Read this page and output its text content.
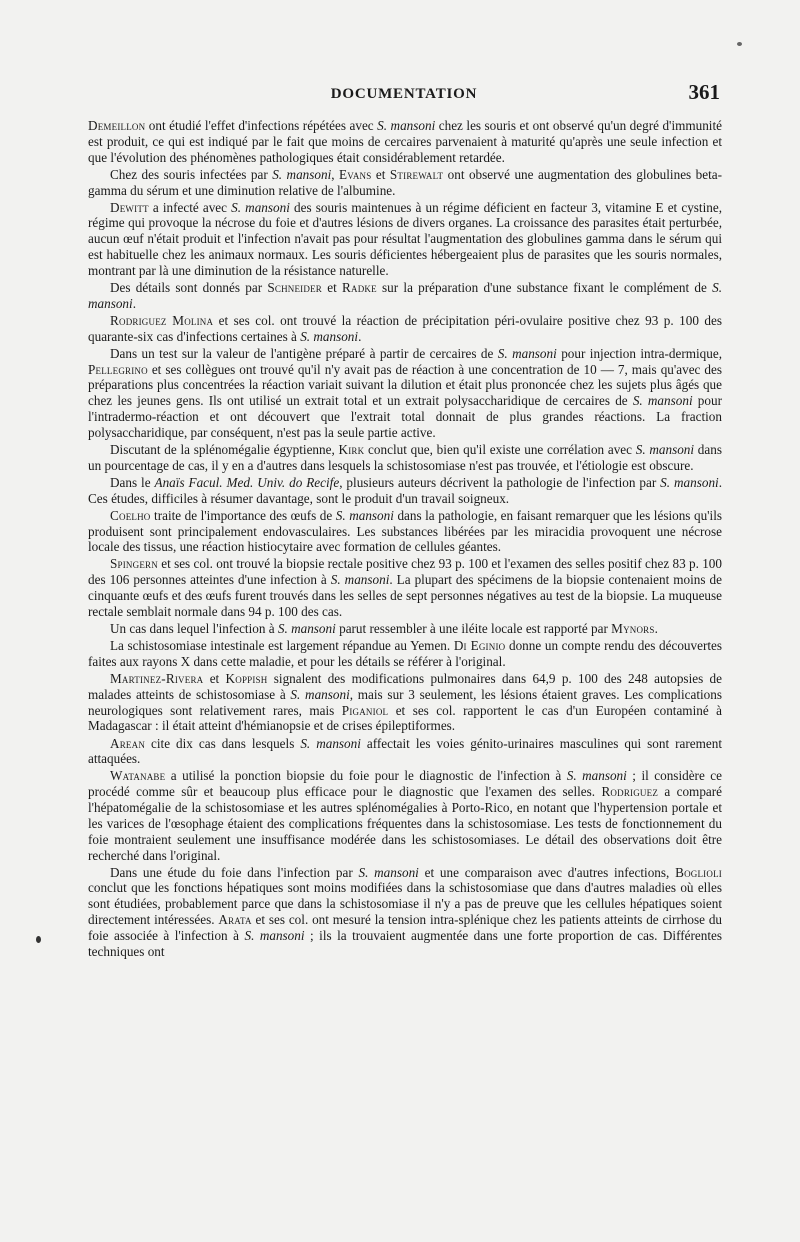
DOCUMENTATION	361

Demeillon ont étudié l'effet d'infections répétées avec S. mansoni chez les souris et ont observé qu'un degré d'immunité est produit, ce qui est indiqué par le fait que moins de cercaires parvenaient à maturité qu'après une seule infection et que l'évolution des phénomènes pathologiques était considérablement retardée.

Chez des souris infectées par S. mansoni, Evans et Stirewalt ont observé une augmentation des globulines beta-gamma du sérum et une diminution relative de l'albumine.

Dewitt a infecté avec S. mansoni des souris maintenues à un régime déficient en facteur 3, vitamine E et cystine, régime qui provoque la nécrose du foie et d'autres lésions de divers organes. La croissance des parasites était perturbée, aucun œuf n'était produit et l'infection n'avait pas pour résultat l'augmentation des globulines gamma dans le sérum qui est habituelle chez les animaux normaux. Les souris déficientes hébergeaient plus de parasites que les souris normales, montrant par là une diminution de la résistance naturelle.

Des détails sont donnés par Schneider et Radke sur la préparation d'une substance fixant le complément de S. mansoni.

Rodriguez Molina et ses col. ont trouvé la réaction de précipitation péri-ovulaire positive chez 93 p. 100 des quarante-six cas d'infections certaines à S. mansoni.

Dans un test sur la valeur de l'antigène préparé à partir de cercaires de S. mansoni pour injection intra-dermique, Pellegrino et ses collègues ont trouvé qu'il n'y avait pas de réaction à une concentration de 10 — 7, mais qu'avec des préparations plus concentrées la réaction variait suivant la dilution et était plus prononcée chez les sujets plus âgés que chez les jeunes gens. Ils ont utilisé un extrait total et un extrait polysaccharidique de cercaires de S. mansoni pour l'intradermo-réaction et ont découvert que l'extrait total donnait de plus grandes réactions. La fraction polysaccharidique, par conséquent, n'est pas la seule partie active.

Discutant de la splénomégalie égyptienne, Kirk conclut que, bien qu'il existe une corrélation avec S. mansoni dans un pourcentage de cas, il y en a d'autres dans lesquels la schistosomiase n'est pas trouvée, et l'étiologie est obscure.

Dans le Anaïs Facul. Med. Univ. do Recife, plusieurs auteurs décrivent la pathologie de l'infection par S. mansoni. Ces études, difficiles à résumer davantage, sont le produit d'un travail soigneux.

Coelho traite de l'importance des œufs de S. mansoni dans la pathologie, en faisant remarquer que les lésions qu'ils produisent sont principalement endovasculaires. Les substances libérées par les miracidia provoquent une nécrose locale des tissus, une réaction histiocytaire avec formation de cellules géantes.

Spingern et ses col. ont trouvé la biopsie rectale positive chez 93 p. 100 et l'examen des selles positif chez 83 p. 100 des 106 personnes atteintes d'une infection à S. mansoni. La plupart des spécimens de la biopsie contenaient moins de cinquante œufs et des œufs furent trouvés dans les selles de sept personnes négatives au test de la biopsie. La muqueuse rectale semblait normale dans 94 p. 100 des cas.

Un cas dans lequel l'infection à S. mansoni parut ressembler à une iléite locale est rapporté par Mynors.

La schistosomiase intestinale est largement répandue au Yemen. Di Eginio donne un compte rendu des découvertes faites aux rayons X dans cette maladie, et pour les détails se référer à l'original.

Martinez-Rivera et Koppish signalent des modifications pulmonaires dans 64,9 p. 100 des 248 autopsies de malades atteints de schistosomiase à S. mansoni, mais sur 3 seulement, les lésions étaient graves. Les complications neurologiques sont relativement rares, mais Piganiol et ses col. rapportent le cas d'un Européen contaminé à Madagascar : il était atteint d'hémianopsie et de crises épileptiformes.

Arean cite dix cas dans lesquels S. mansoni affectait les voies génito-urinaires masculines qui sont rarement attaquées.

Watanabe a utilisé la ponction biopsie du foie pour le diagnostic de l'infection à S. mansoni ; il considère ce procédé comme sûr et beaucoup plus efficace pour le diagnostic que l'examen des selles. Rodriguez a comparé l'hépatomégalie de la schistosomiase et les autres splénomégalies à Porto-Rico, en notant que l'hypertension portale et les varices de l'œsophage étaient des complications fréquentes dans la schistosomiase. Les tests de fonctionnement du foie montraient seulement une insuffisance modérée dans les schistosomiases. Le détail des observations doit être recherché dans l'original.

Dans une étude du foie dans l'infection par S. mansoni et une comparaison avec d'autres infections, Boglioli conclut que les fonctions hépatiques sont moins modifiées dans la schistosomiase que dans d'autres maladies où elles sont étudiées, probablement parce que dans la schistosomiase il n'y a pas de preuve que les cellules hépatiques soient directement intéressées. Arata et ses col. ont mesuré la tension intra-splénique chez les patients atteints de cirrhose du foie associée à l'infection à S. mansoni ; ils la trouvaient augmentée dans une forte proportion de cas. Différentes techniques ont
